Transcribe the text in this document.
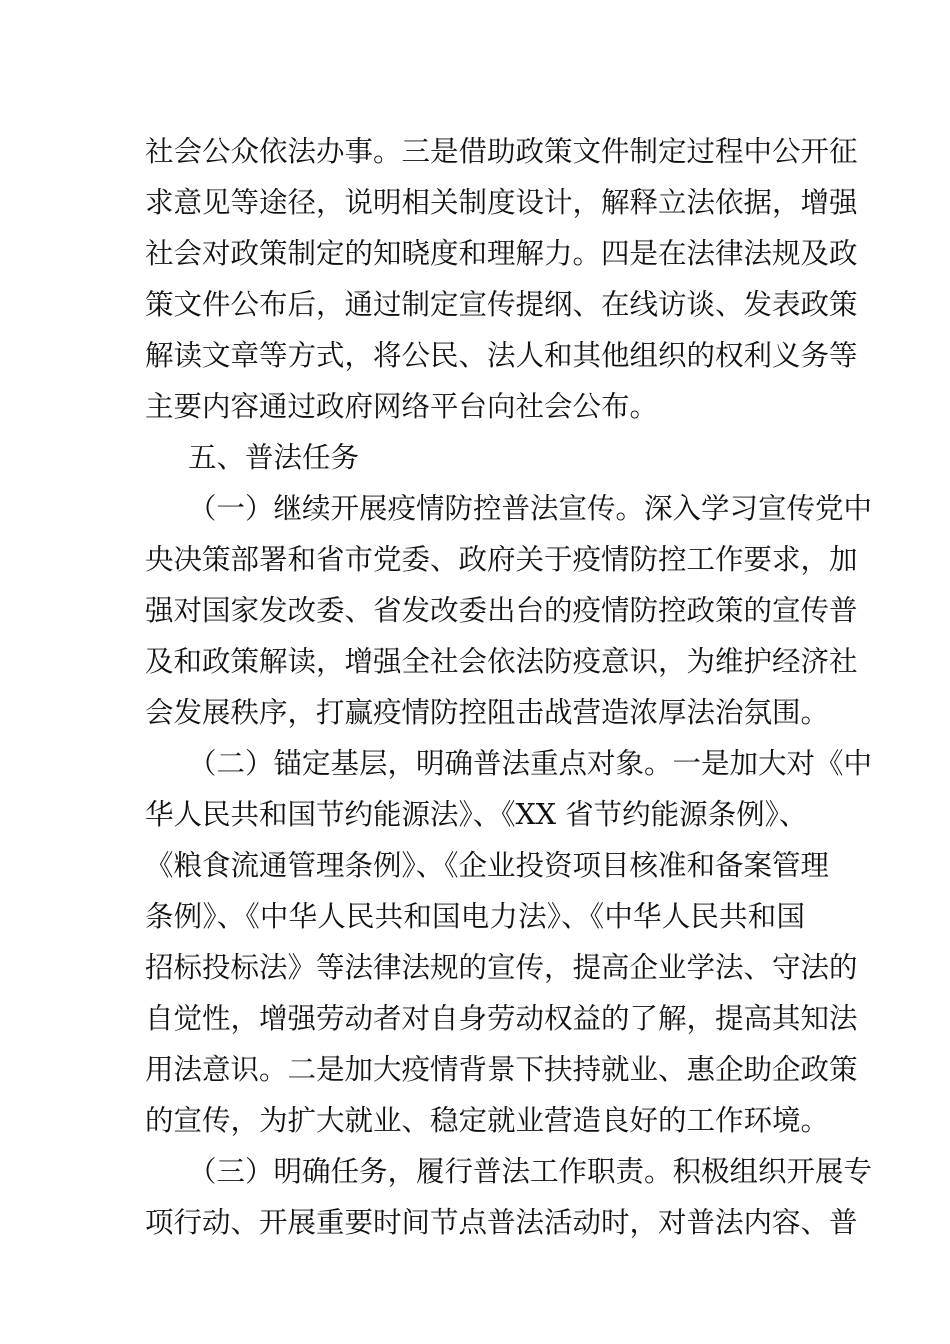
社会公众依法办事。三是借助政策文件制定过程中公开征
求意见等途径，说明相关制度设计，解释立法依据，增强
社会对政策制定的知晓度和理解力。四是在法律法规及政
策文件公布后，通过制定宣传提纲、在线访谈、发表政策
解读文章等方式，将公民、法人和其他组织的权利义务等
主要内容通过政府网络平台向社会公布。
五、普法任务
（一）继续开展疫情防控普法宣传。深入学习宣传党中
央决策部署和省市党委、政府关于疫情防控工作要求，加
强对国家发改委、省发改委出台的疫情防控政策的宣传普
及和政策解读，增强全社会依法防疫意识，为维护经济社
会发展秩序，打赢疫情防控阻击战营造浓厚法治氛围。
（二）锚定基层，明确普法重点对象。一是加大对《中
华人民共和国节约能源法》、《XX 省节约能源条例》、
《粮食流通管理条例》、《企业投资项目核准和备案管理
条例》、《中华人民共和国电力法》、《中华人民共和国
招标投标法》等法律法规的宣传，提高企业学法、守法的
自觉性，增强劳动者对自身劳动权益的了解，提高其知法
用法意识。二是加大疫情背景下扶持就业、惠企助企政策
的宣传，为扩大就业、稳定就业营造良好的工作环境。
（三）明确任务，履行普法工作职责。积极组织开展专
项行动、开展重要时间节点普法活动时，对普法内容、普
